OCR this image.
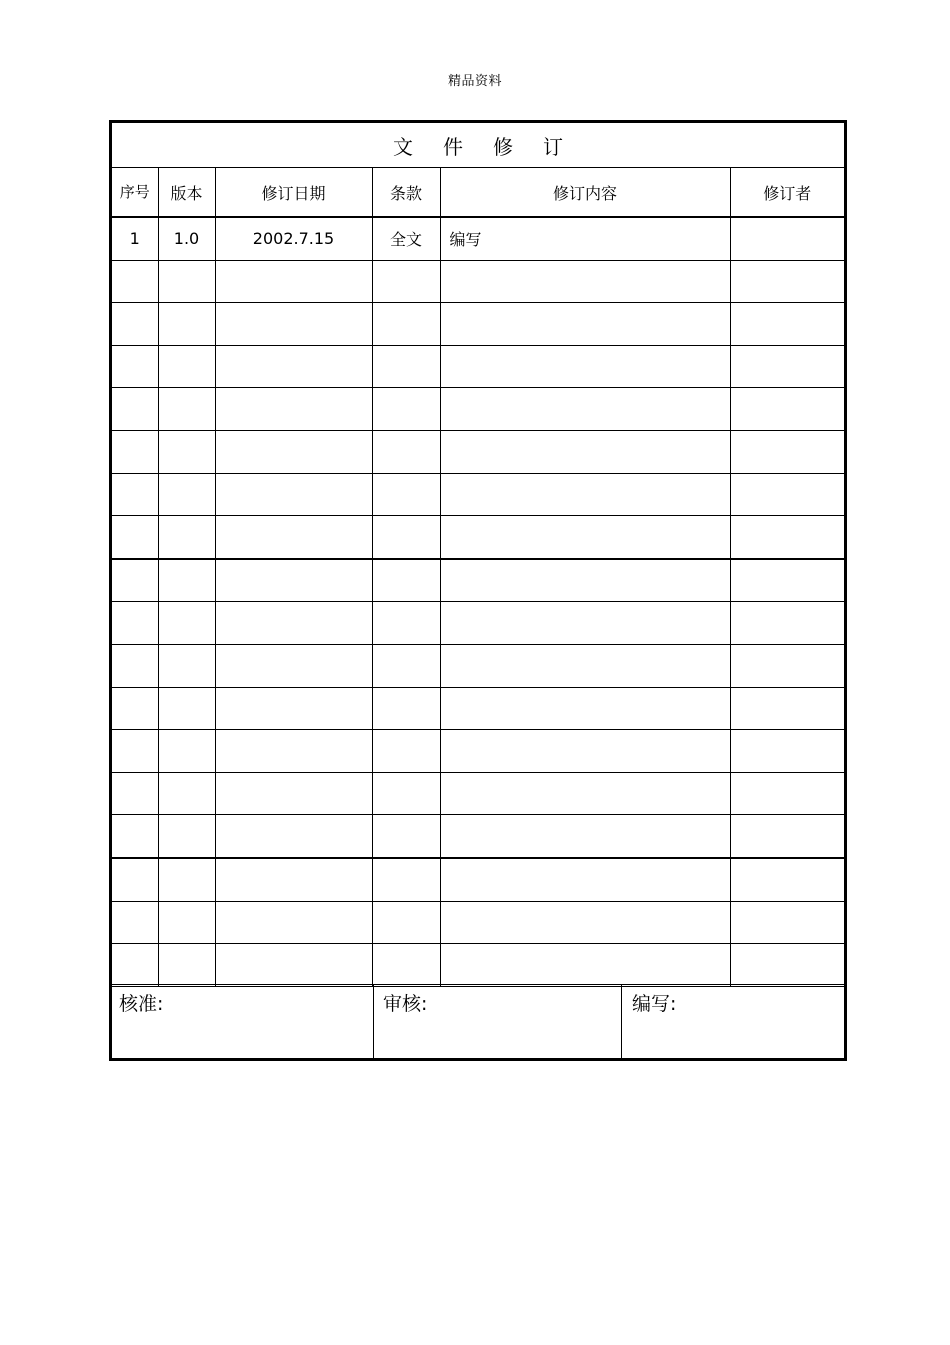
精品资料
文件修订					
序号	版本	修订日期	条款	修订内容	修订者
1	1.0	2002.7.15	全文	编写	

核准:	审核:	编写:
